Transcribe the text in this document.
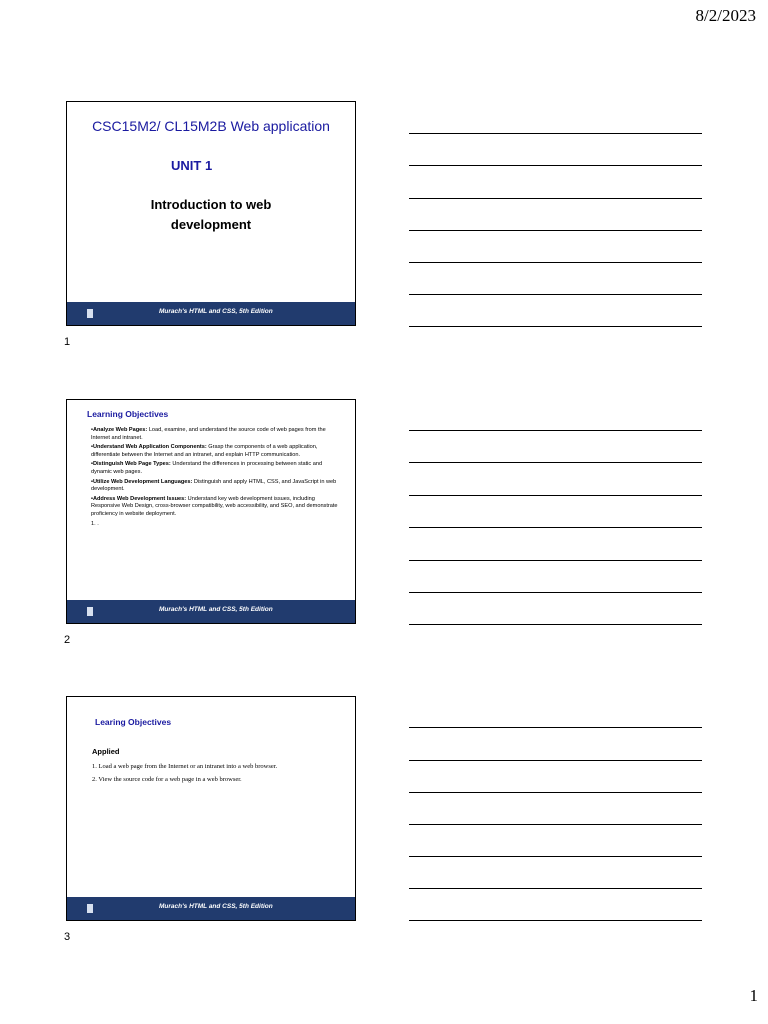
8/2/2023
CSC15M2/ CL15M2B Web application
UNIT 1
Introduction to web
development
Murach's HTML and CSS, 5th Edition
1
Learning Objectives

•Analyze Web Pages: Load, examine, and understand the source code of web pages from the Internet and intranet.

•Understand Web Application Components: Grasp the components of a web application, differentiate between the Internet and an intranet, and explain HTTP communication.

•Distinguish Web Page Types: Understand the differences in processing between static and dynamic web pages.

•Utilize Web Development Languages: Distinguish and apply HTML, CSS, and JavaScript in web development.

•Address Web Development Issues: Understand key web development issues, including Responsive Web Design, cross-browser compatibility, web accessibility, and SEO, and demonstrate proficiency in website deployment.

1. .

Murach's HTML and CSS, 5th Edition
2
Learing Objectives
Applied
1. Load a web page from the Internet or an intranet into a web browser.
2. View the source code for a web page in a web browser.
Murach's HTML and CSS, 5th Edition
3
1
